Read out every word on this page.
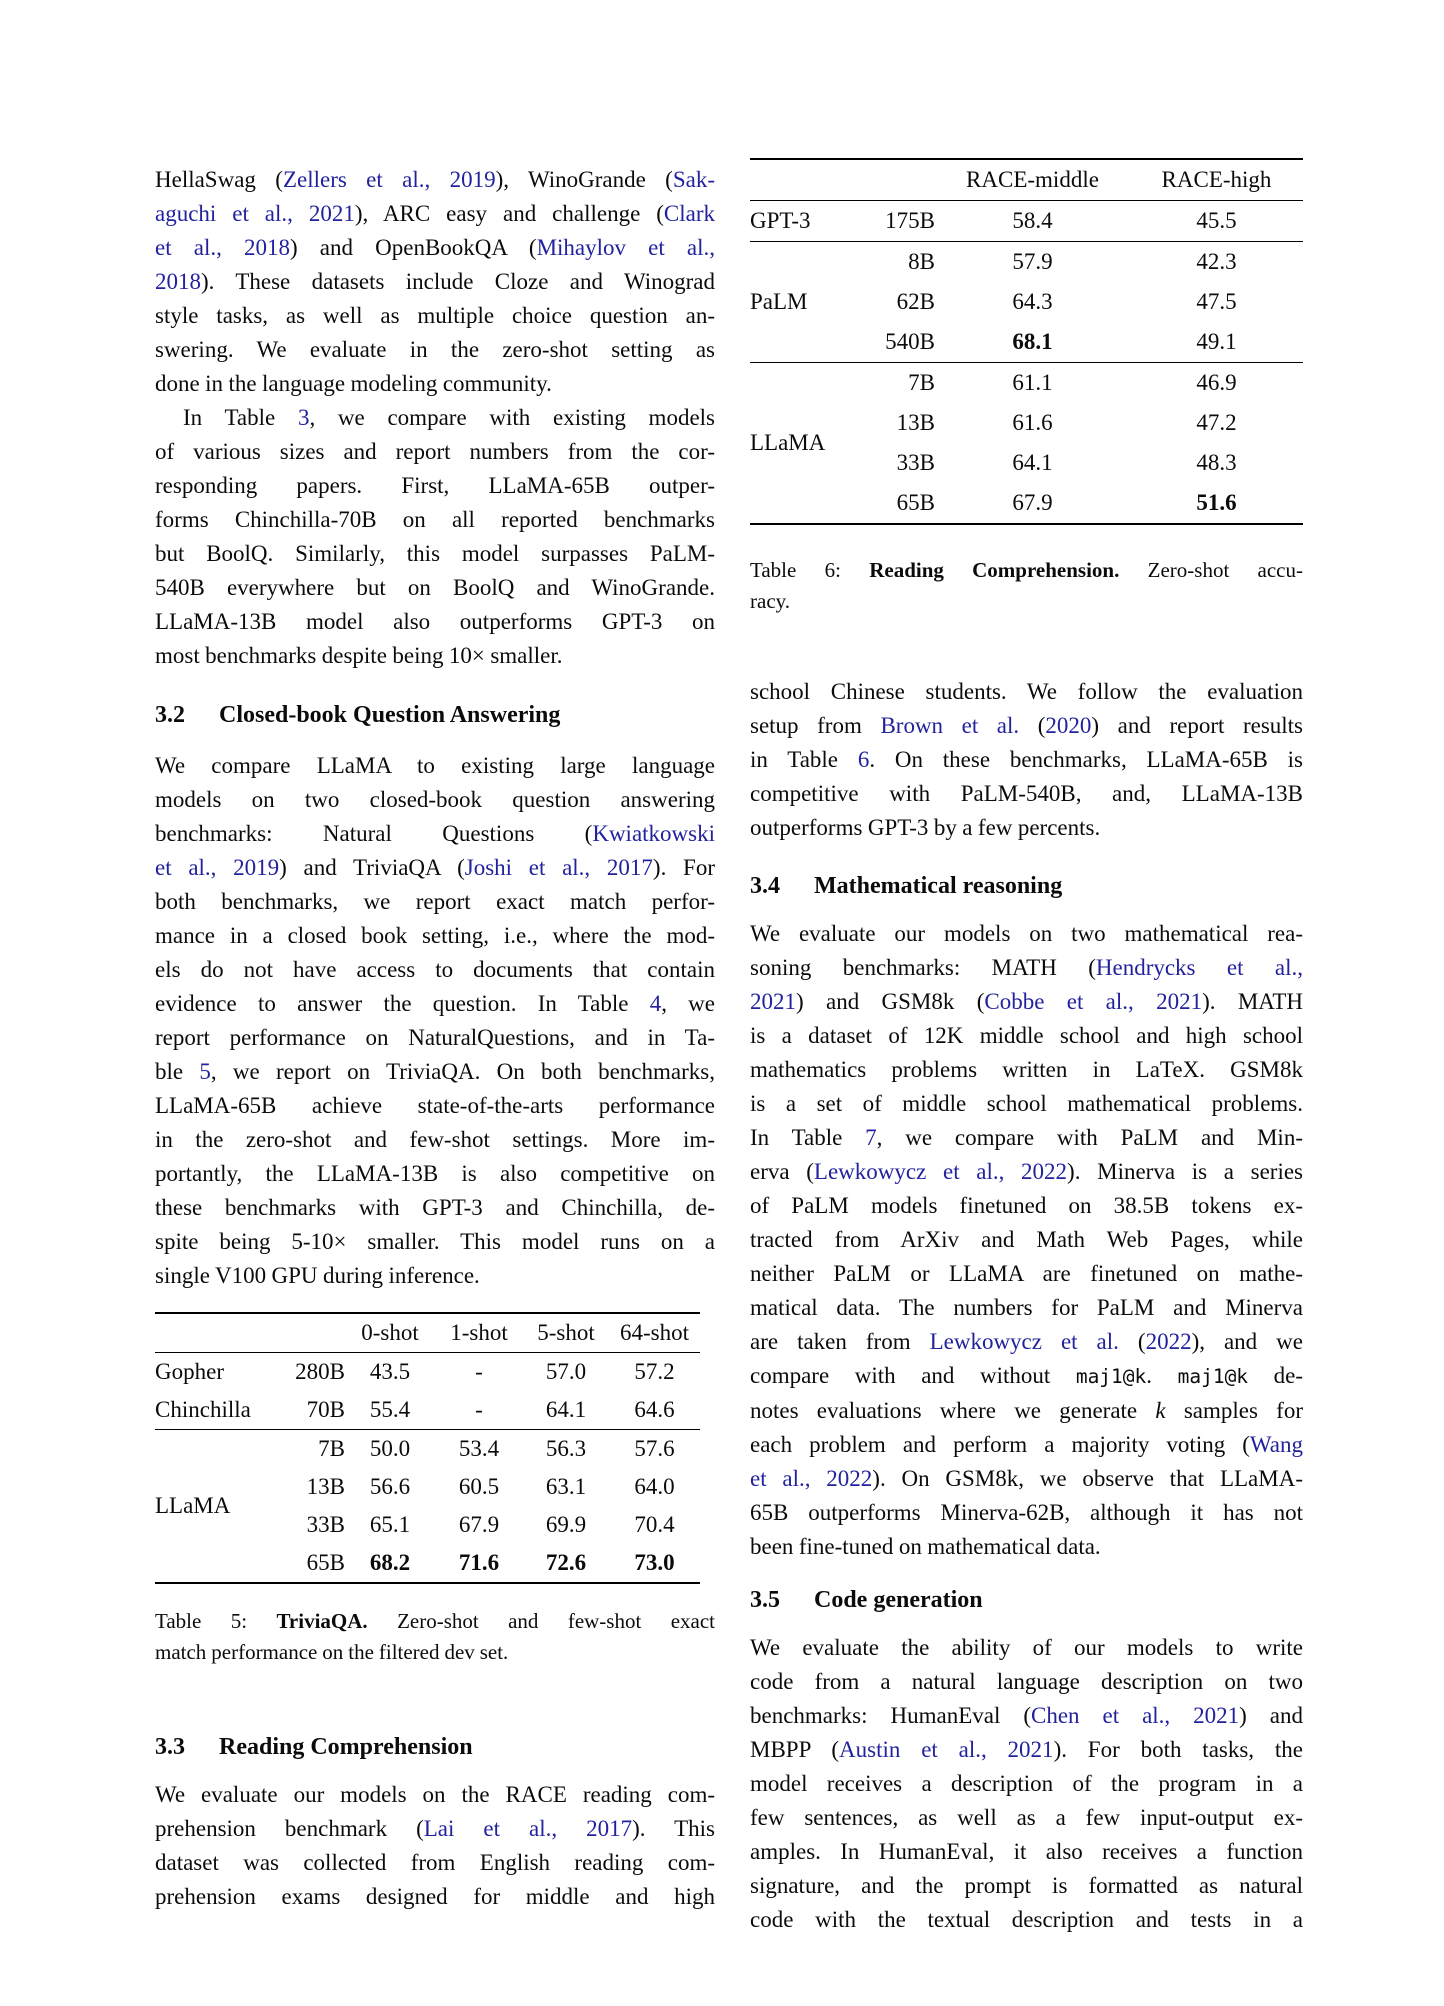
HellaSwag (Zellers et al., 2019), WinoGrande (Sak-
aguchi et al., 2021), ARC easy and challenge (Clark
et al., 2018) and OpenBookQA (Mihaylov et al.,
2018). These datasets include Cloze and Winograd
style tasks, as well as multiple choice question an-
swering. We evaluate in the zero-shot setting as
done in the language modeling community.
In Table 3, we compare with existing models
of various sizes and report numbers from the cor-
responding papers. First, LLaMA-65B outper-
forms Chinchilla-70B on all reported benchmarks
but BoolQ. Similarly, this model surpasses PaLM-
540B everywhere but on BoolQ and WinoGrande.
LLaMA-13B model also outperforms GPT-3 on
most benchmarks despite being 10× smaller.
3.2 Closed-book Question Answering
We compare LLaMA to existing large language
models on two closed-book question answering
benchmarks: Natural Questions (Kwiatkowski
et al., 2019) and TriviaQA (Joshi et al., 2017). For
both benchmarks, we report exact match perfor-
mance in a closed book setting, i.e., where the mod-
els do not have access to documents that contain
evidence to answer the question. In Table 4, we
report performance on NaturalQuestions, and in Ta-
ble 5, we report on TriviaQA. On both benchmarks,
LLaMA-65B achieve state-of-the-arts performance
in the zero-shot and few-shot settings. More im-
portantly, the LLaMA-13B is also competitive on
these benchmarks with GPT-3 and Chinchilla, de-
spite being 5-10× smaller. This model runs on a
single V100 GPU during inference.
0-shot	1-shot	5-shot	64-shot
Gopher	280B	43.5	-	57.0	57.2
Chinchilla	70B	55.4	-	64.1	64.6
LLaMA
7B	50.0	53.4	56.3	57.6
13B	56.6	60.5	63.1	64.0
33B	65.1	67.9	69.9	70.4
65B	68.2	71.6	72.6	73.0
Table 5: TriviaQA. Zero-shot and few-shot exact
match performance on the filtered dev set.
3.3 Reading Comprehension
We evaluate our models on the RACE reading com-
prehension benchmark (Lai et al., 2017). This
dataset was collected from English reading com-
prehension exams designed for middle and high
RACE-middle	RACE-high
GPT-3	175B	58.4	45.5
PaLM
8B	57.9	42.3
62B	64.3	47.5
540B	68.1	49.1
LLaMA
7B	61.1	46.9
13B	61.6	47.2
33B	64.1	48.3
65B	67.9	51.6
Table 6: Reading Comprehension. Zero-shot accu-
racy.
school Chinese students. We follow the evaluation
setup from Brown et al. (2020) and report results
in Table 6. On these benchmarks, LLaMA-65B is
competitive with PaLM-540B, and, LLaMA-13B
outperforms GPT-3 by a few percents.
3.4 Mathematical reasoning
We evaluate our models on two mathematical rea-
soning benchmarks: MATH (Hendrycks et al.,
2021) and GSM8k (Cobbe et al., 2021). MATH
is a dataset of 12K middle school and high school
mathematics problems written in LaTeX. GSM8k
is a set of middle school mathematical problems.
In Table 7, we compare with PaLM and Min-
erva (Lewkowycz et al., 2022). Minerva is a series
of PaLM models finetuned on 38.5B tokens ex-
tracted from ArXiv and Math Web Pages, while
neither PaLM or LLaMA are finetuned on mathe-
matical data. The numbers for PaLM and Minerva
are taken from Lewkowycz et al. (2022), and we
compare with and without maj1@k. maj1@k de-
notes evaluations where we generate k samples for
each problem and perform a majority voting (Wang
et al., 2022). On GSM8k, we observe that LLaMA-
65B outperforms Minerva-62B, although it has not
been fine-tuned on mathematical data.
3.5 Code generation
We evaluate the ability of our models to write
code from a natural language description on two
benchmarks: HumanEval (Chen et al., 2021) and
MBPP (Austin et al., 2021). For both tasks, the
model receives a description of the program in a
few sentences, as well as a few input-output ex-
amples. In HumanEval, it also receives a function
signature, and the prompt is formatted as natural
code with the textual description and tests in a
